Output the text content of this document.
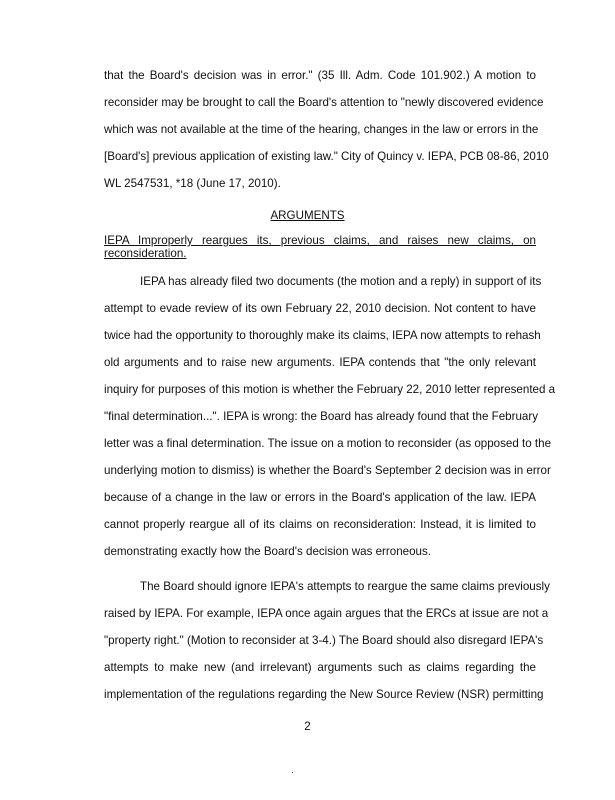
that the Board's decision was in error." (35 Ill. Adm. Code 101.902.) A motion to
reconsider may be brought to call the Board's attention to "newly discovered evidence
which was not available at the time of the hearing, changes in the law or errors in the
[Board's] previous application of existing law." City of Quincy v. IEPA, PCB 08-86, 2010
WL 2547531, *18 (June 17, 2010).
ARGUMENTS
IEPA Improperly reargues its, previous claims, and raises new claims, on
reconsideration.
IEPA has already filed two documents (the motion and a reply) in support of its
attempt to evade review of its own February 22, 2010 decision. Not content to have
twice had the opportunity to thoroughly make its claims, IEPA now attempts to rehash
old arguments and to raise new arguments. IEPA contends that "the only relevant
inquiry for purposes of this motion is whether the February 22, 2010 letter represented a
"final determination...". IEPA is wrong: the Board has already found that the February
letter was a final determination. The issue on a motion to reconsider (as opposed to the
underlying motion to dismiss) is whether the Board's September 2 decision was in error
because of a change in the law or errors in the Board's application of the law. IEPA
cannot properly reargue all of its claims on reconsideration: Instead, it is limited to
demonstrating exactly how the Board's decision was erroneous.
The Board should ignore IEPA's attempts to reargue the same claims previously
raised by IEPA. For example, IEPA once again argues that the ERCs at issue are not a
"property right." (Motion to reconsider at 3-4.) The Board should also disregard IEPA's
attempts to make new (and irrelevant) arguments such as claims regarding the
implementation of the regulations regarding the New Source Review (NSR) permitting
2
